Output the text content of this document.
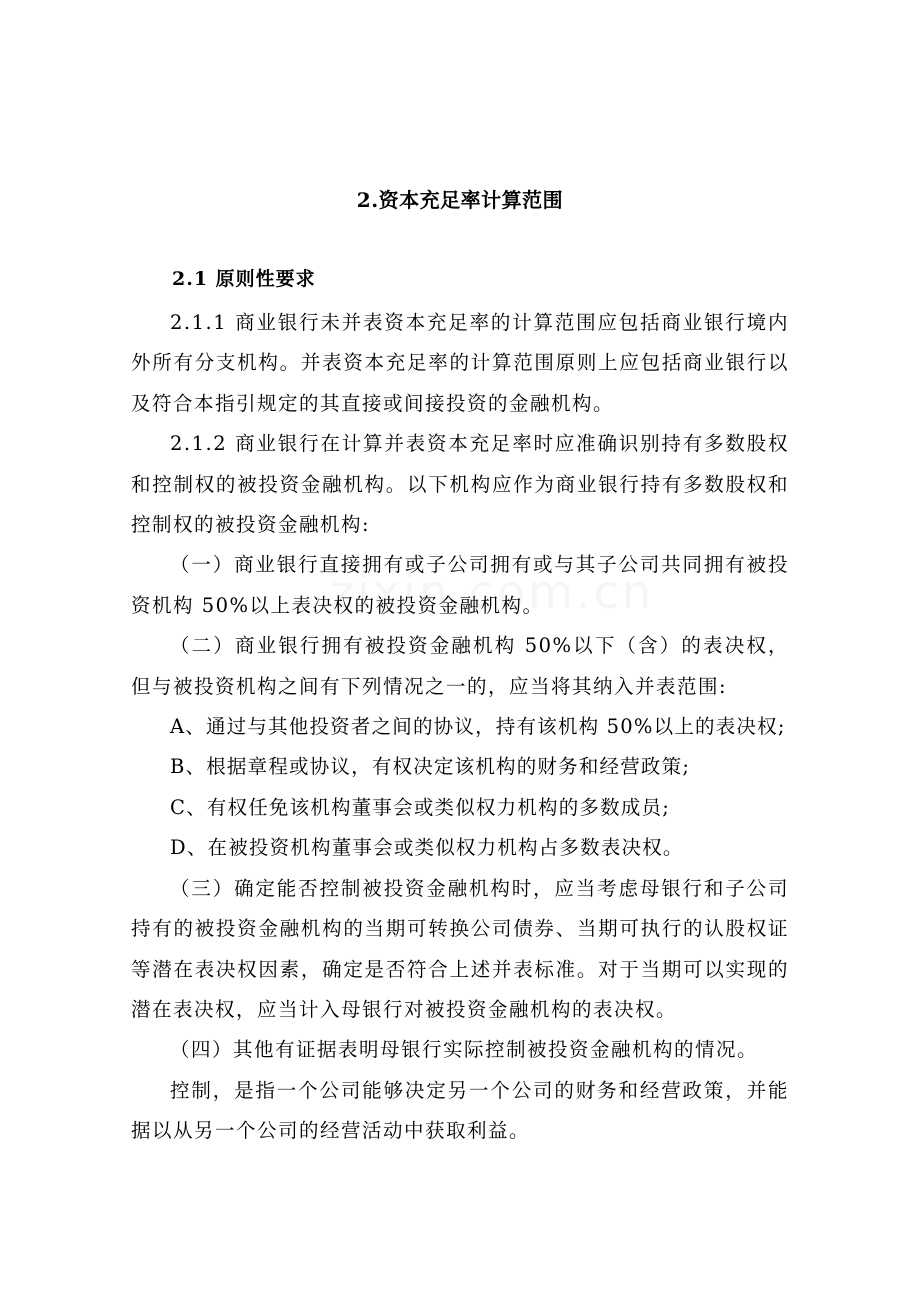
2.资本充足率计算范围
2.1 原则性要求

2.1.1 商业银行未并表资本充足率的计算范围应包括商业银行境内外所有分支机构。并表资本充足率的计算范围原则上应包括商业银行以及符合本指引规定的其直接或间接投资的金融机构。

2.1.2 商业银行在计算并表资本充足率时应准确识别持有多数股权和控制权的被投资金融机构。以下机构应作为商业银行持有多数股权和控制权的被投资金融机构:

（一）商业银行直接拥有或子公司拥有或与其子公司共同拥有被投资机构 50%以上表决权的被投资金融机构。

（二）商业银行拥有被投资金融机构 50%以下（含）的表决权，但与被投资机构之间有下列情况之一的，应当将其纳入并表范围:

A、通过与其他投资者之间的协议，持有该机构 50%以上的表决权;

B、根据章程或协议，有权决定该机构的财务和经营政策;

C、有权任免该机构董事会或类似权力机构的多数成员;

D、在被投资机构董事会或类似权力机构占多数表决权。

（三）确定能否控制被投资金融机构时，应当考虑母银行和子公司持有的被投资金融机构的当期可转换公司债券、当期可执行的认股权证等潜在表决权因素，确定是否符合上述并表标准。对于当期可以实现的潜在表决权，应当计入母银行对被投资金融机构的表决权。

（四）其他有证据表明母银行实际控制被投资金融机构的情况。

控制，是指一个公司能够决定另一个公司的财务和经营政策，并能据以从另一个公司的经营活动中获取利益。
